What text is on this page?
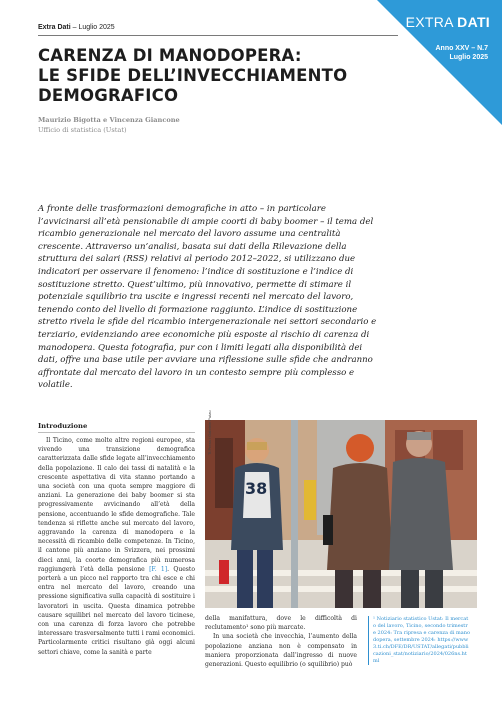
Extra Dati – Luglio 2025	EXTRA DATI
Anno XXV – N.7
Luglio 2025
CARENZA DI MANODOPERA:
LE SFIDE DELL’INVECCHIAMENTO
DEMOGRAFICO
Maurizio Bigotta e Vincenza Giancone
Ufficio di statistica (Ustat)

A fronte delle trasformazioni demografiche in atto – in particolare l’avvicinarsi all’età pensionabile di ampie coorti di baby boomer – il tema del ricambio generazionale nel mercato del lavoro assume una centralità crescente. Attraverso un’analisi, basata sui dati della Rilevazione della struttura dei salari (RSS) relativi al periodo 2012–2022, si utilizzano due indicatori per osservare il fenomeno: l’indice di sostituzione e l’indice di sostituzione stretto. Quest’ultimo, più innovativo, permette di stimare il potenziale squilibrio tra uscite e ingressi recenti nel mercato del lavoro, tenendo conto del livello di formazione raggiunto. L’indice di sostituzione stretto rivela le sfide del ricambio intergenerazionale nei settori secondario e terziario, evidenziando aree economiche più esposte al rischio di carenza di manodopera. Questa fotografia, pur con i limiti legati alla disponibilità dei dati, offre una base utile per avviare una riflessione sulle sfide che andranno affrontate dal mercato del lavoro in un contesto sempre più complesso e volatile.

Introduzione

Il Ticino, come molte altre regioni europee, sta vivendo una transizione demografica caratterizzata dalle sfide legate all’invecchiamento della popolazione. Il calo dei tassi di natalità e la crescente aspettativa di vita stanno portando a una società con una quota sempre maggiore di anziani. La generazione dei baby boomer si sta progressivamente avvicinando all’età della pensione, accentuando le sfide demografiche. Tale tendenza si riflette anche sul mercato del lavoro, aggravando la carenza di manodopera e la necessità di ricambio delle competenze. In Ticino, il cantone più anziano in Svizzera, nei prossimi dieci anni, la coorte demografica più numerosa raggiungerà l’età della pensione [F. 1]. Questo porterà a un picco nel rapporto tra chi esce e chi entra nel mercato del lavoro, creando una pressione significativa sulla capacità di sostituire i lavoratori in uscita. Questa dinamica potrebbe causare squilibri nel mercato del lavoro ticinese, con una carenza di forza lavoro che potrebbe interessare trasversalmente tutti i rami economici. Particolarmente critici risultano già oggi alcuni settori chiave, come la sanità e parte

38
Ti-Press / Gabriele Putzu

della manifattura, dove le difficoltà di reclutamento¹ sono più marcate.

In una società che invecchia, l’aumento della popolazione anziana non è compensato in maniera proporzionata dall’ingresso di nuove generazioni. Questo equilibrio (o squilibrio) può

¹ Notiziario statistico Ustat: Il mercato del lavoro, Ticino, secondo trimestre 2024: Tra ripresa e carenza di manodopera, settembre 2024: https://www3.ti.ch/DFE/DR/USTAT/allegati/pubblicazioni_stat/notiziario/2024/026ns.html
